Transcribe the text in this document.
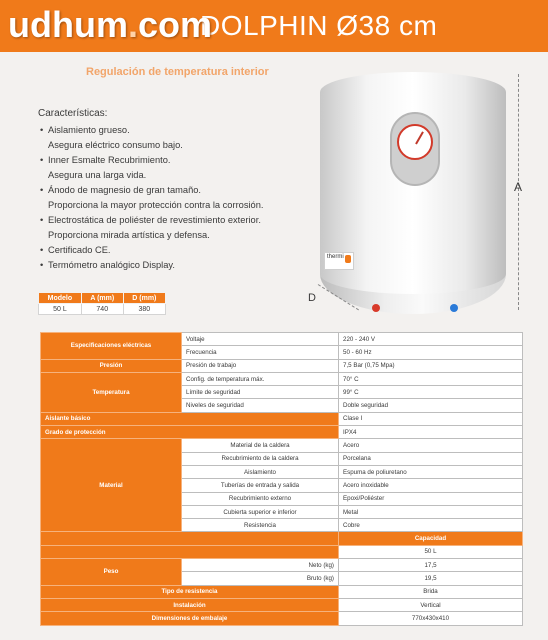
DOLPHIN Ø38 cm
udhum.com
Regulación de temperatura interior
Características:
• Aislamiento grueso.
Asegura eléctrico consumo bajo.
• Inner Esmalte Recubrimiento.
Asegura una larga vida.
• Ánodo de magnesio de gran tamaño.
Proporciona la mayor protección contra la corrosión.
• Electrostática de poliéster de revestimiento exterior.
Proporciona mirada artística y defensa.
• Certificado CE.
• Termómetro analógico Display.
thermi
A
D
Modelo	A (mm)	D (mm)
50 L	740	380
Especificaciones eléctricas	Voltaje	220 - 240 V
	Frecuencia	50 - 60 Hz
Presión	Presión de trabajo	7,5 Bar (0,75 Mpa)
Temperatura	Config. de temperatura máx.	70° C
	Límite de seguridad	99° C
	Niveles de seguridad	Doble seguridad
Aislante básico		Clase I
Grado de protección		IPX4
Material	Material de la caldera	Acero
	Recubrimiento de la caldera	Porcelana
	Aislamiento	Espuma de poliuretano
	Tuberías de entrada y salida	Acero inoxidable
	Recubrimiento externo	Epoxi/Poliéster
	Cubierta superior e inferior	Metal
	Resistencia	Cobre
		Capacidad
		50 L
Peso	Neto (kg)	17,5
	Bruto (kg)	19,5
Tipo de resistencia		Brida
Instalación		Vertical
Dimensiones de embalaje		770x430x410
